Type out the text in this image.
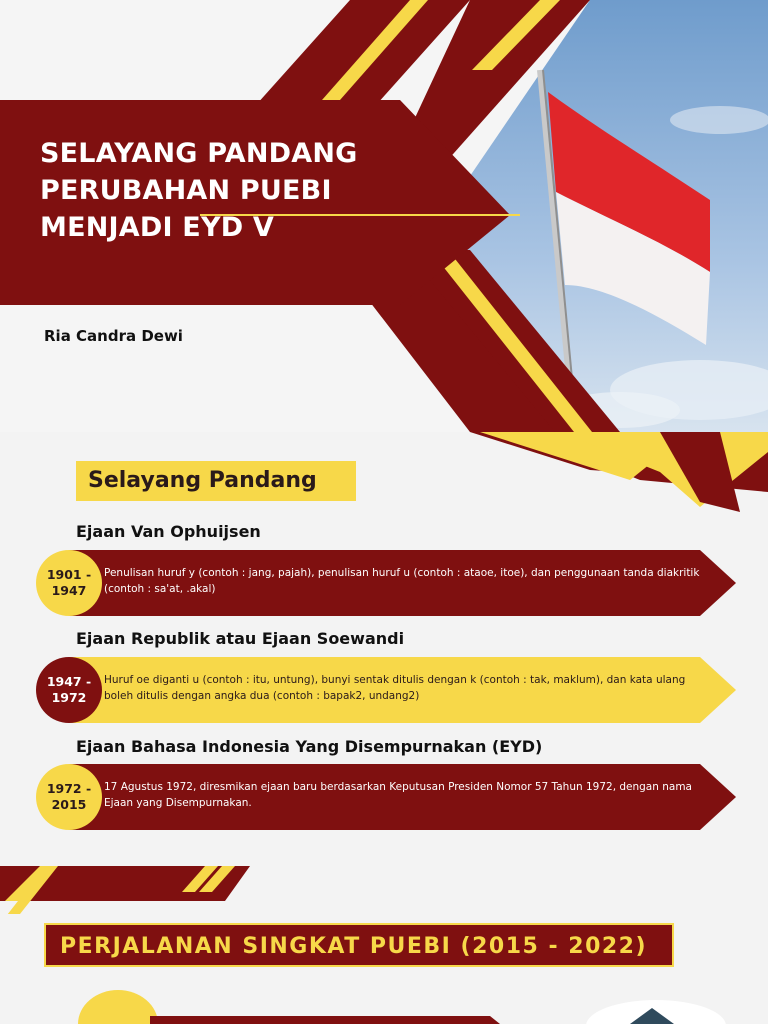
SELAYANG PANDANG
PERUBAHAN PUEBI
MENJADI EYD V
Ria Candra Dewi
Selayang Pandang
Ejaan Van Ophuijsen
1901 - 1947
Penulisan huruf y (contoh : jang, pajah), penulisan huruf u (contoh : ataoe, itoe), dan penggunaan tanda diakritik (contoh : sa'at, .akal)
Ejaan Republik atau Ejaan Soewandi
1947 - 1972
Huruf oe diganti u (contoh : itu, untung), bunyi sentak ditulis dengan k (contoh : tak, maklum), dan kata ulang boleh ditulis dengan angka dua (contoh : bapak2, undang2)
Ejaan Bahasa Indonesia Yang Disempurnakan (EYD)
1972 - 2015
17 Agustus 1972, diresmikan ejaan baru berdasarkan Keputusan Presiden Nomor 57 Tahun 1972, dengan nama Ejaan yang Disempurnakan.
PERJALANAN SINGKAT PUEBI (2015 - 2022)
